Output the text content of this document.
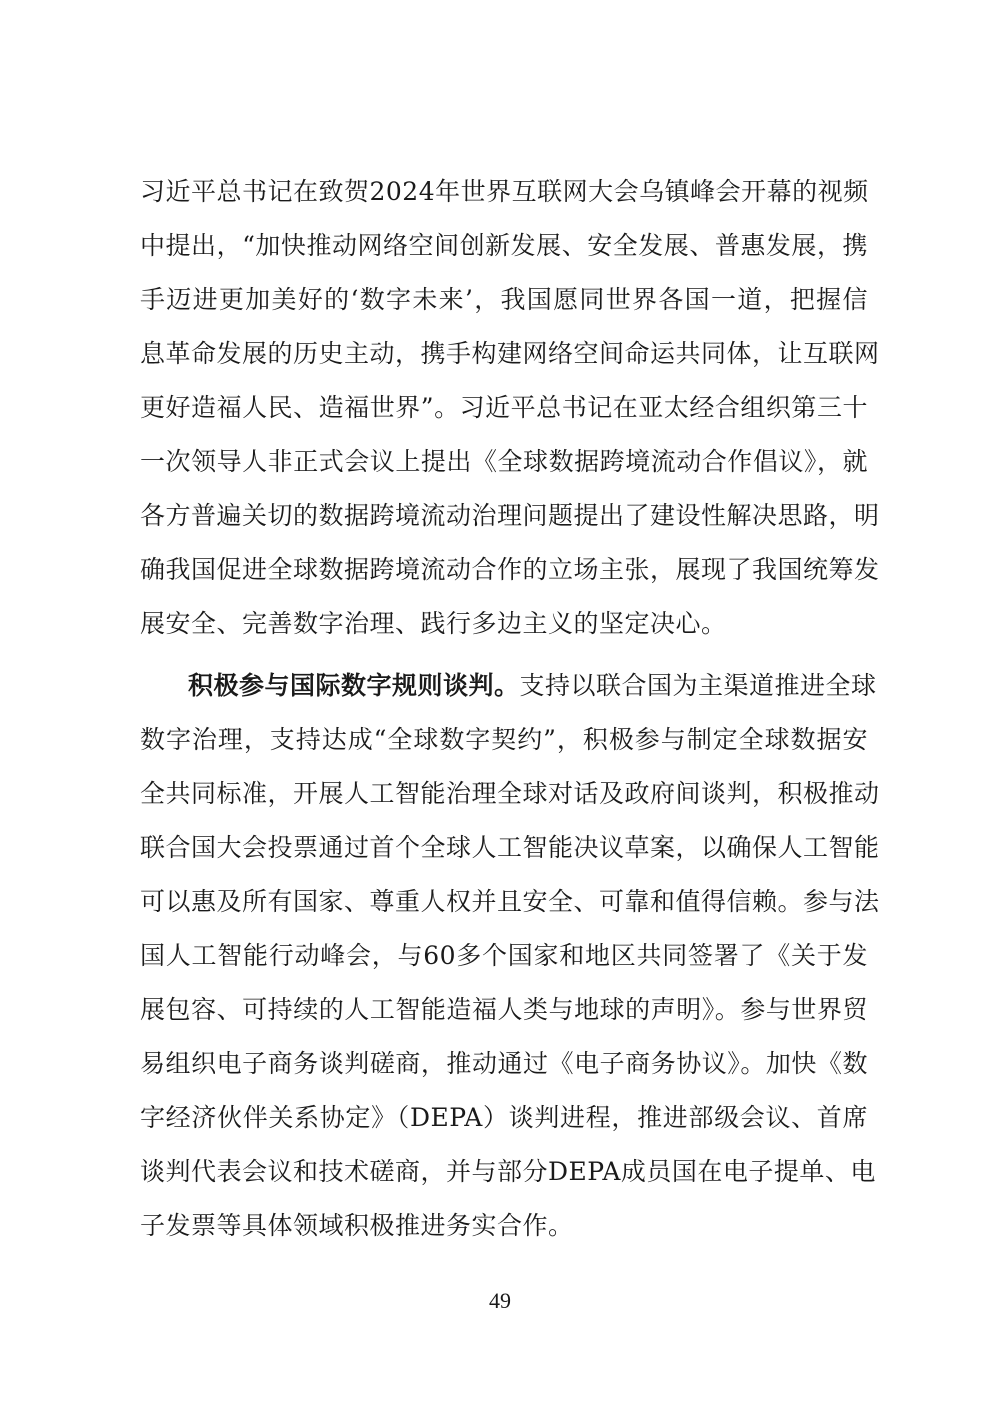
习近平总书记在致贺2024年世界互联网大会乌镇峰会开幕的视频
中提出，“加快推动网络空间创新发展、安全发展、普惠发展，携
手迈进更加美好的‘数字未来’，我国愿同世界各国一道，把握信
息革命发展的历史主动，携手构建网络空间命运共同体，让互联网
更好造福人民、造福世界”。习近平总书记在亚太经合组织第三十
一次领导人非正式会议上提出《全球数据跨境流动合作倡议》，就
各方普遍关切的数据跨境流动治理问题提出了建设性解决思路，明
确我国促进全球数据跨境流动合作的立场主张，展现了我国统筹发
展安全、完善数字治理、践行多边主义的坚定决心。
积极参与国际数字规则谈判。支持以联合国为主渠道推进全球
数字治理，支持达成“全球数字契约”，积极参与制定全球数据安
全共同标准，开展人工智能治理全球对话及政府间谈判，积极推动
联合国大会投票通过首个全球人工智能决议草案，以确保人工智能
可以惠及所有国家、尊重人权并且安全、可靠和值得信赖。参与法
国人工智能行动峰会，与60多个国家和地区共同签署了《关于发
展包容、可持续的人工智能造福人类与地球的声明》。参与世界贸
易组织电子商务谈判磋商，推动通过《电子商务协议》。加快《数
字经济伙伴关系协定》（DEPA）谈判进程，推进部级会议、首席
谈判代表会议和技术磋商，并与部分DEPA成员国在电子提单、电
子发票等具体领域积极推进务实合作。
49
